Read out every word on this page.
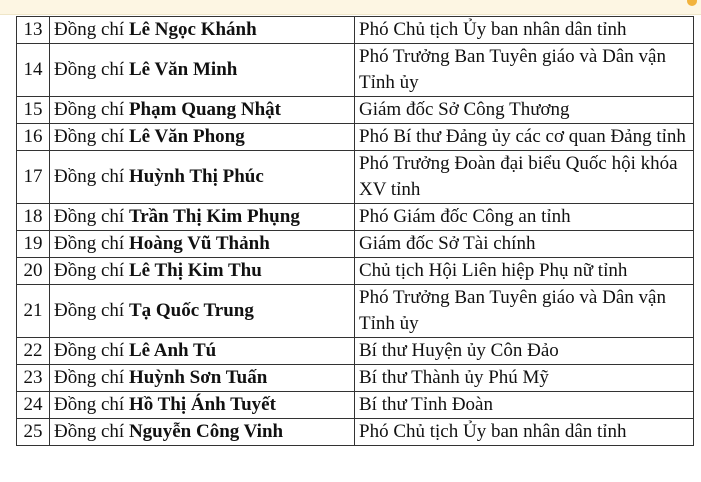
13	Đồng chí Lê Ngọc Khánh	Phó Chủ tịch Ủy ban nhân dân tỉnh
14	Đồng chí Lê Văn Minh	Phó Trưởng Ban Tuyên giáo và Dân vận Tỉnh ủy
15	Đồng chí Phạm Quang Nhật	Giám đốc Sở Công Thương
16	Đồng chí Lê Văn Phong	Phó Bí thư Đảng ủy các cơ quan Đảng tỉnh
17	Đồng chí Huỳnh Thị Phúc	Phó Trưởng Đoàn đại biểu Quốc hội khóa XV tỉnh
18	Đồng chí Trần Thị Kim Phụng	Phó Giám đốc Công an tỉnh
19	Đồng chí Hoàng Vũ Thảnh	Giám đốc Sở Tài chính
20	Đồng chí Lê Thị Kim Thu	Chủ tịch Hội Liên hiệp Phụ nữ tỉnh
21	Đồng chí Tạ Quốc Trung	Phó Trưởng Ban Tuyên giáo và Dân vận Tỉnh ủy
22	Đồng chí Lê Anh Tú	Bí thư Huyện ủy Côn Đảo
23	Đồng chí Huỳnh Sơn Tuấn	Bí thư Thành ủy Phú Mỹ
24	Đồng chí Hồ Thị Ánh Tuyết	Bí thư Tỉnh Đoàn
25	Đồng chí Nguyễn Công Vinh	Phó Chủ tịch Ủy ban nhân dân tỉnh
